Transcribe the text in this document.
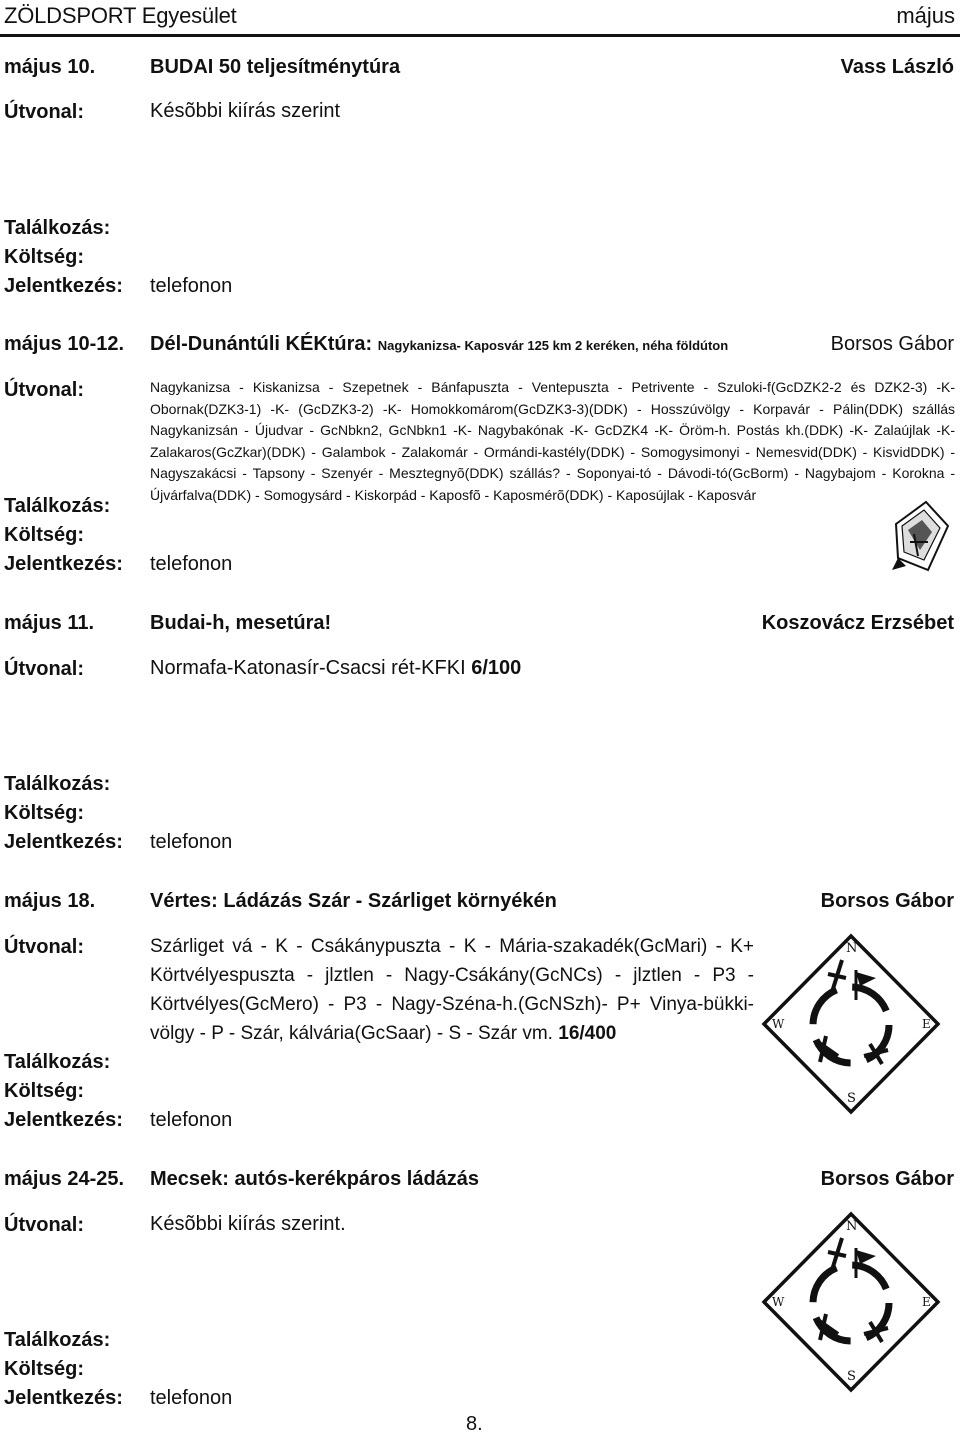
ZÖLDSPORT Egyesület	május
május 10.	BUDAI 50 teljesítménytúra	Vass László
Útvonal:	Késõbbi kiírás szerint
Találkozás:
Költség:
Jelentkezés: telefonon
május 10-12. Dél-Dunántúli KÉKtúra: Nagykanizsa- Kaposvár 125 km 2 keréken, néha földúton	Borsos Gábor
Útvonal:	Nagykanizsa - Kiskanizsa - Szepetnek - Bánfapuszta - Ventepuszta - Petrivente - Szuloki-f(GcDZK2-2 és DZK2-3) -K- Obornak(DZK3-1) -K- (GcDZK3-2) -K- Homokkomárom(GcDZK3-3)(DDK) - Hosszúvölgy - Korpavár - Pálin(DDK) szállás Nagykanizsán - Újudvar - GcNbkn2, GcNbkn1 -K- Nagybakónak -K- GcDZK4 -K- Öröm-h. Postás kh.(DDK) -K- Zalaújlak -K- Zalakaros(GcZkar)(DDK) - Galambok - Zalakomár - Ormándi-kastély(DDK) - Somogysimonyi - Nemesvid(DDK) - KisvidDDK) - Nagyszakácsi - Tapsony - Szenyér - Mesztegnyõ(DDK) szállás? - Soponyai-tó - Dávodi-tó(GcBorm) - Nagybajom - Korokna - Újvárfalva(DDK) - Somogysárd - Kiskorpád - Kaposfõ - Kaposmérõ(DDK) - Kaposújlak - Kaposvár
Találkozás:
Költség:
Jelentkezés: telefonon
május 11.	Budai-h, mesetúra!	Koszovácz Erzsébet
Útvonal:	Normafa-Katonasír-Csacsi rét-KFKI 6/100
Találkozás:
Költség:
Jelentkezés: telefonon
május 18.	Vértes: Ládázás Szár - Szárliget környékén	Borsos Gábor
Útvonal:	Szárliget vá - K - Csákánypuszta - K - Mária-szakadék(GcMari) - K+ Körtvélyespuszta - jlztlen - Nagy-Csákány(GcNCs) - jlztlen - P3 - Körtvélyes(GcMero) - P3 - Nagy-Széna-h.(GcNSzh)- P+ Vinya-bükki-völgy - P - Szár, kálvária(GcSaar) - S - Szár vm. 16/400
Találkozás:
Költség:
Jelentkezés: telefonon
N
E
S
W
május 24-25. Mecsek: autós-kerékpáros ládázás	Borsos Gábor
Útvonal:	Késõbbi kiírás szerint.
Találkozás:
Költség:
Jelentkezés: telefonon
N
E
S
W
8.
